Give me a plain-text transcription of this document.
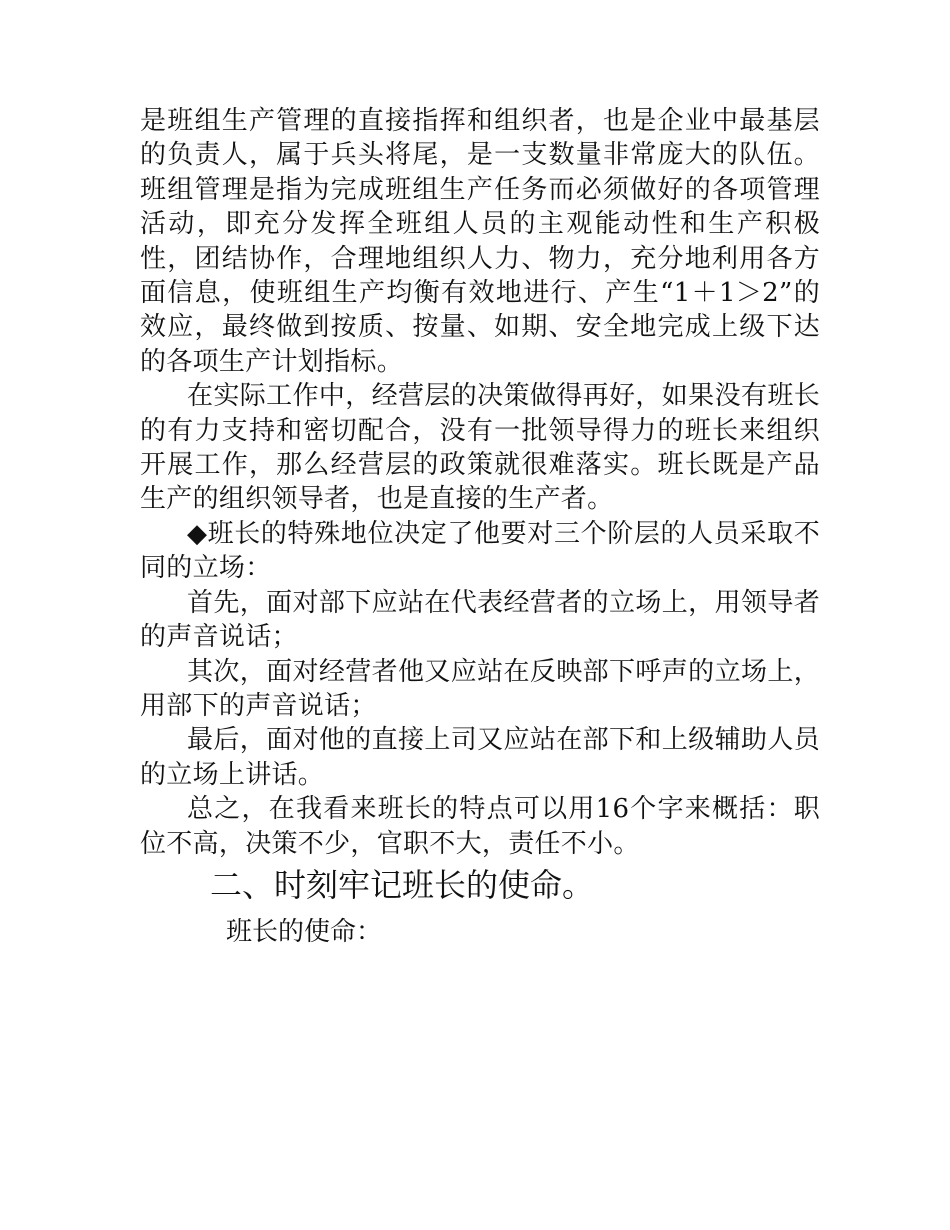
是班组生产管理的直接指挥和组织者，也是企业中最基层的负责人，属于兵头将尾，是一支数量非常庞大的队伍。班组管理是指为完成班组生产任务而必须做好的各项管理活动，即充分发挥全班组人员的主观能动性和生产积极性，团结协作，合理地组织人力、物力，充分地利用各方面信息，使班组生产均衡有效地进行、产生“1＋1＞2”的效应，最终做到按质、按量、如期、安全地完成上级下达的各项生产计划指标。

在实际工作中，经营层的决策做得再好，如果没有班长的有力支持和密切配合，没有一批领导得力的班长来组织开展工作，那么经营层的政策就很难落实。班长既是产品生产的组织领导者，也是直接的生产者。

◆班长的特殊地位决定了他要对三个阶层的人员采取不同的立场：

首先，面对部下应站在代表经营者的立场上，用领导者的声音说话；

其次，面对经营者他又应站在反映部下呼声的立场上，用部下的声音说话；

最后，面对他的直接上司又应站在部下和上级辅助人员的立场上讲话。

总之，在我看来班长的特点可以用16个字来概括：职位不高，决策不少，官职不大，责任不小。

二、时刻牢记班长的使命。

班长的使命：
